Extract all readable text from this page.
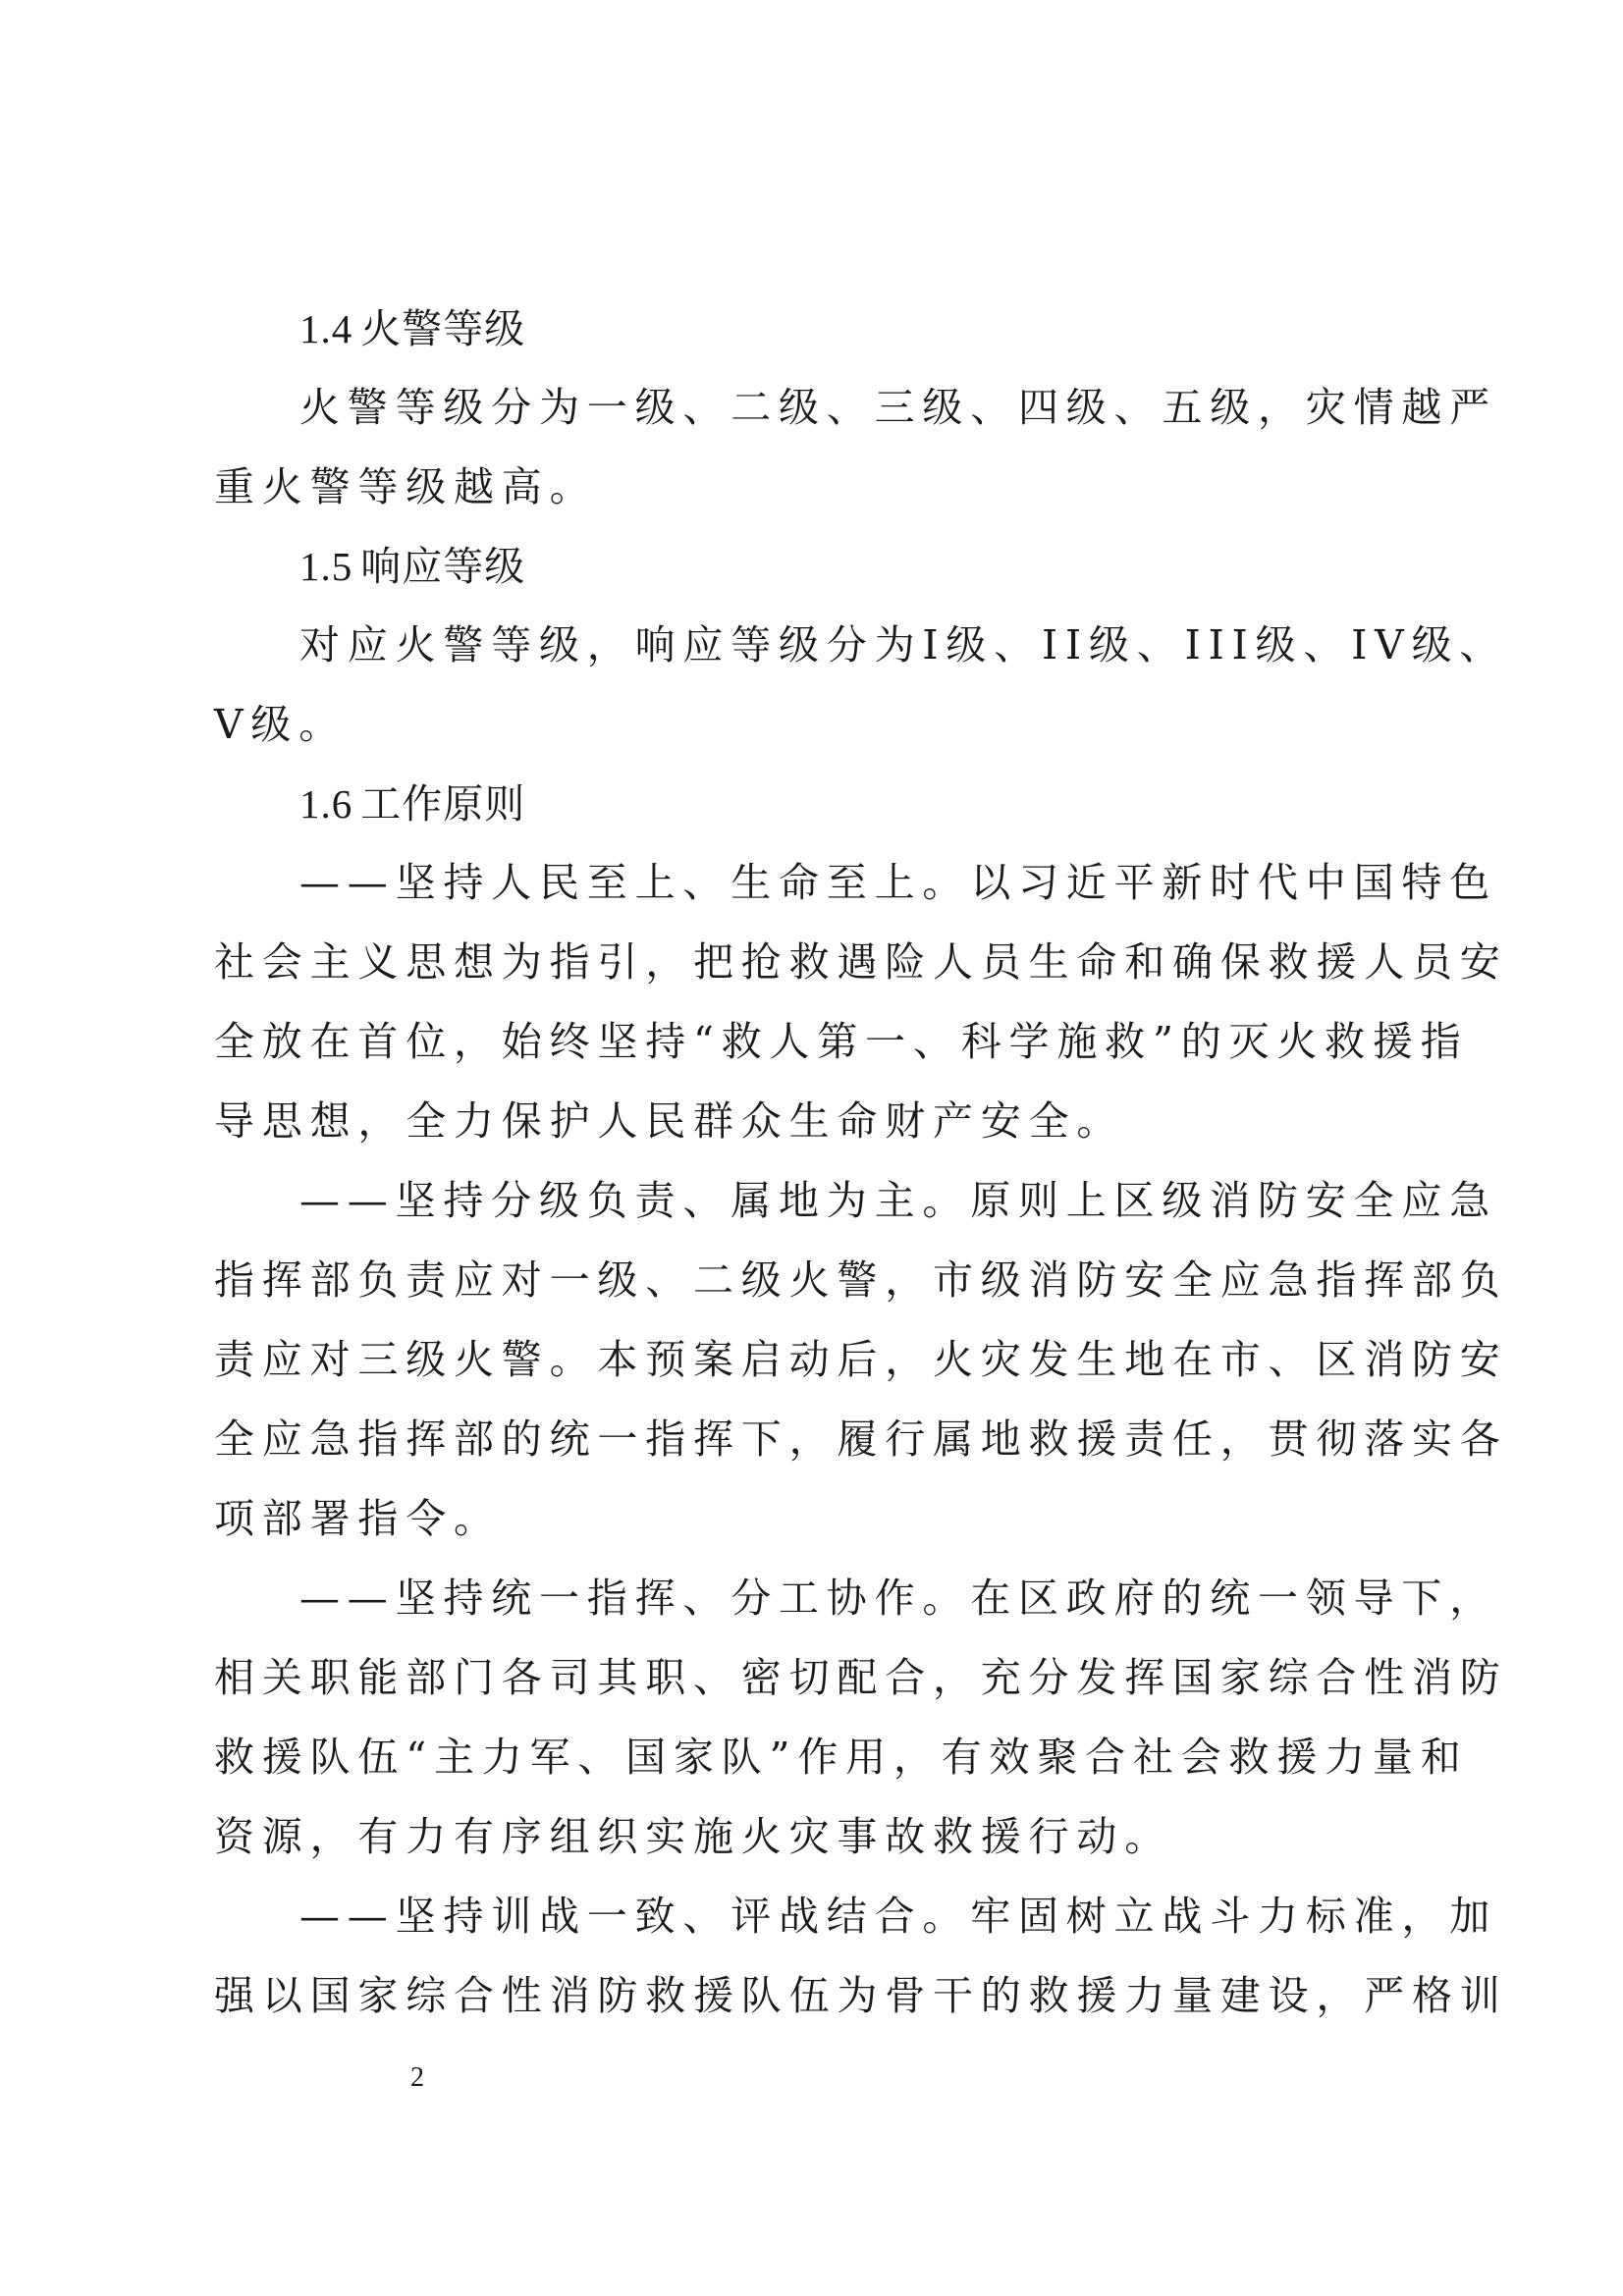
1.4 火警等级
火警等级分为一级、二级、三级、四级、五级，灾情越严
重火警等级越高。
1.5 响应等级
对应火警等级，响应等级分为Ⅰ级、II级、III级、IV级、
V级。
1.6 工作原则
——坚持人民至上、生命至上。以习近平新时代中国特色
社会主义思想为指引，把抢救遇险人员生命和确保救援人员安
全放在首位，始终坚持“救人第一、科学施救”的灭火救援指
导思想，全力保护人民群众生命财产安全。
——坚持分级负责、属地为主。原则上区级消防安全应急
指挥部负责应对一级、二级火警，市级消防安全应急指挥部负
责应对三级火警。本预案启动后，火灾发生地在市、区消防安
全应急指挥部的统一指挥下，履行属地救援责任，贯彻落实各
项部署指令。
——坚持统一指挥、分工协作。在区政府的统一领导下，
相关职能部门各司其职、密切配合，充分发挥国家综合性消防
救援队伍“主力军、国家队”作用，有效聚合社会救援力量和
资源，有力有序组织实施火灾事故救援行动。
——坚持训战一致、评战结合。牢固树立战斗力标准，加
强以国家综合性消防救援队伍为骨干的救援力量建设，严格训
2
